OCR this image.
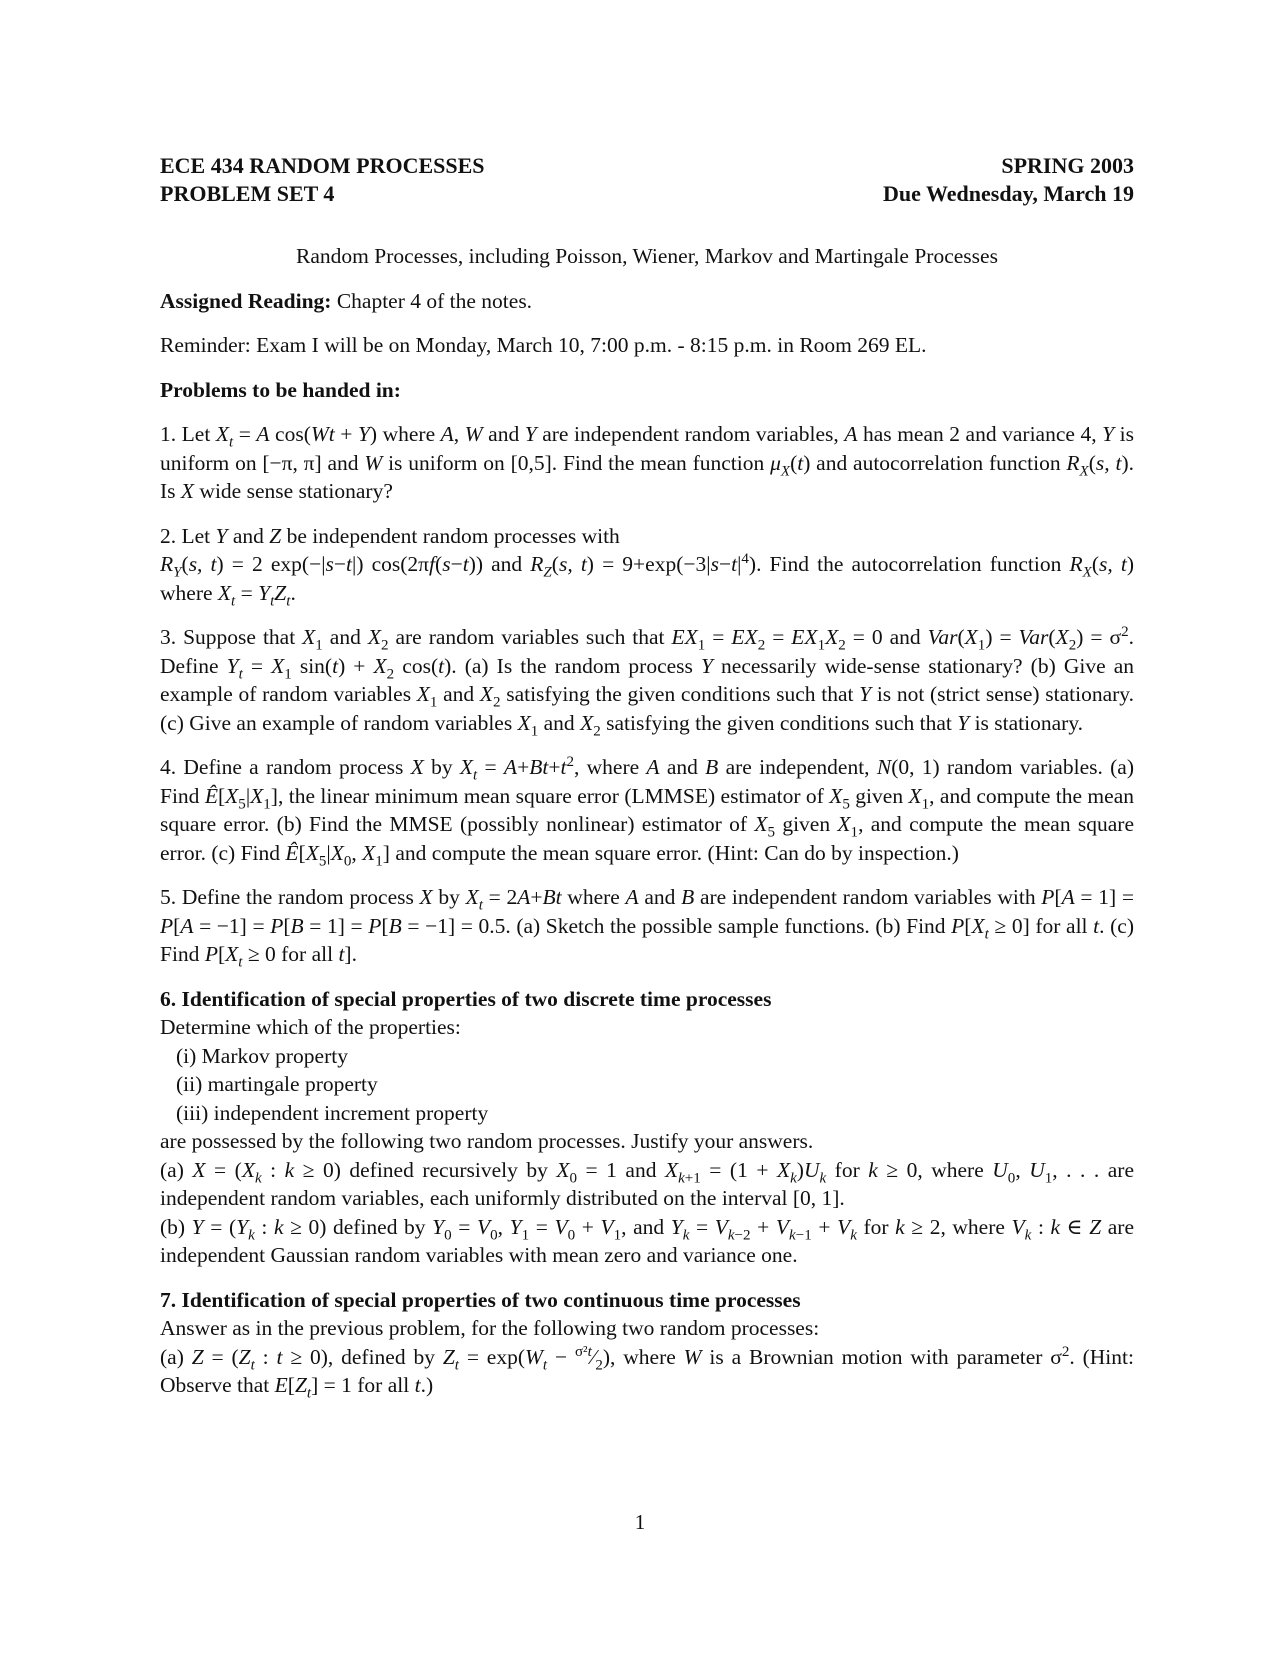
ECE 434 RANDOM PROCESSES
PROBLEM SET 4
SPRING 2003
Due Wednesday, March 19
Random Processes, including Poisson, Wiener, Markov and Martingale Processes
Assigned Reading: Chapter 4 of the notes.
Reminder: Exam I will be on Monday, March 10, 7:00 p.m. - 8:15 p.m. in Room 269 EL.
Problems to be handed in:
1. Let $X_t = A$ cos(Wt + Y) where A, W and Y are independent random variables, A has mean 2 and variance 4, Y is uniform on [−π, π] and W is uniform on [0,5]. Find the mean function $\mu_X(t)$ and autocorrelation function $R_X(s$, t). Is X wide sense stationary?
2. Let Y and Z be independent random processes with
$R_Y(s$, t) = 2 exp(−|s−t|) cos(2πf(s−t)) and $R_Z(s$, $t) = 9+\exp(-3|s-t|^4)$. Find the autocorrelation function $R_X(s$, t) where $X_t = Y_tZ_t$.
3. Suppose that $X_1$ and $X_2$ are random variables such that $EX_1 = EX_2 = EX_1X_2 = 0$ and $Var(X_1) = Var(X_2) = \sigma^2$. Define $Y_t = X_1$ $\sin(t) + X_2$ cos(t). (a) Is the random process Y necessarily wide-sense stationary? (b) Give an example of random variables $X_1$ and $X_2$ satisfying the given conditions such that Y is not (strict sense) stationary. (c) Give an example of random variables $X_1$ and $X_2$ satisfying the given conditions such that Y is stationary.
4. Define a random process X by $X_t = A+Bt+t^2$, where A and B are independent, N(0, 1) random variables. (a) Find $Ê[X_5|X_1]$, the linear minimum mean square error (LMMSE) estimator of $X_5$ given $X_1$, and compute the mean square error. (b) Find the MMSE (possibly nonlinear) estimator of $X_5$ given $X_1$, and compute the mean square error. (c) Find $Ê[X_5|X_0$, $X_1$] and compute the mean square error. (Hint: Can do by inspection.)
5. Define the random process X by $X_t = 2A+Bt$ where A and B are independent random variables with P[A = 1] = P[A = −1] = P[B = 1] = P[B = −1] = 0.5. (a) Sketch the possible sample functions. (b) Find $P[X_t \ge 0]$ for all t. (c) Find $P[X_t \ge 0$ for all t].
6. Identification of special properties of two discrete time processes
Determine which of the properties:
(i) Markov property
(ii) martingale property
(iii) independent increment property
are possessed by the following two random processes. Justify your answers.
(a) $X = (X_k$ : k ≥ 0) defined recursively by $X_0 = 1$ and $X_{k+1} = (1 + X_k)U_k$ for k ≥ 0, where $U_0$, $U_1$, . . . are independent random variables, each uniformly distributed on the interval [0, 1].
(b) $Y = (Y_k$ : k ≥ 0) defined by $Y_0 = V_0$, $Y_1 = V_0 + V_1$, and $Y_k = V_{k-2} + V_{k-1} + V_k$ for k ≥ 2, where $V_k$ : k ∈ Z are independent Gaussian random variables with mean zero and variance one.
7. Identification of special properties of two continuous time processes
Answer as in the previous problem, for the following two random processes:
(a) $Z = (Z_t$ : t ≥ 0), defined by $Z_t = \exp(W_t$ − $^{\sigma^2t}⁄_2$), where W is a Brownian motion with parameter $\sigma^2$. (Hint: Observe that $E[Z_t] = 1$ for all t.)
1
